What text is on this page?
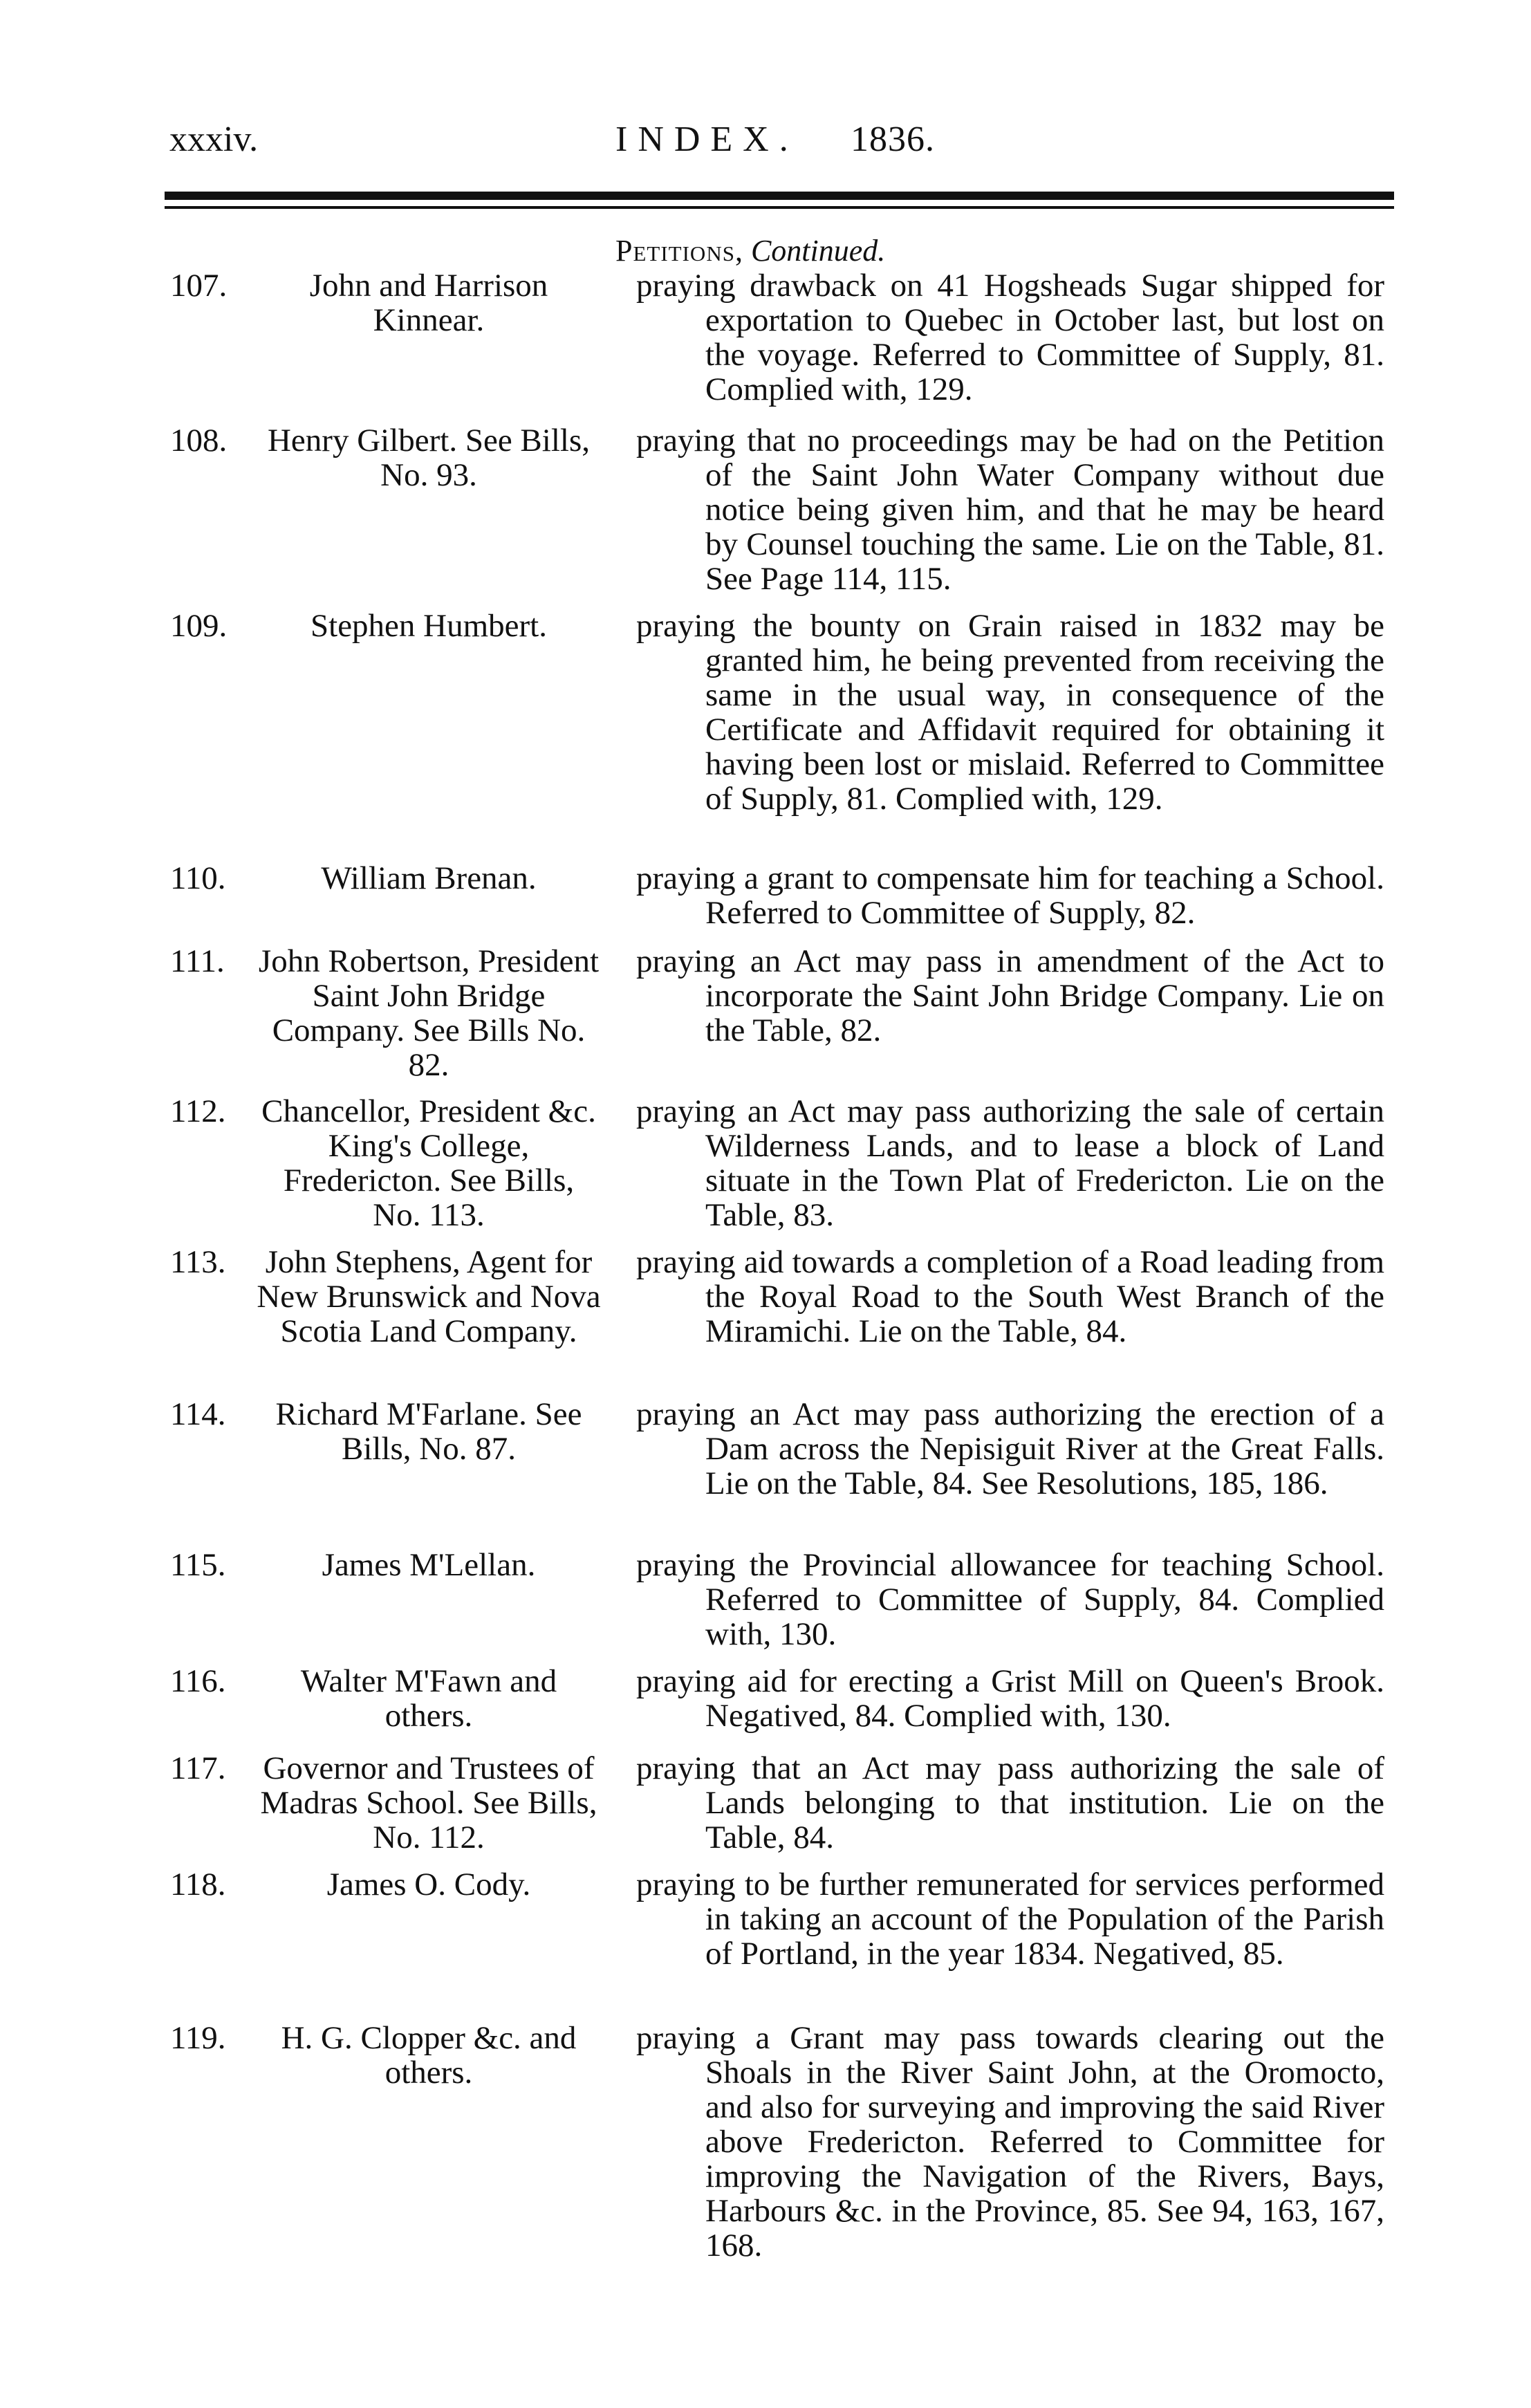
xxxiv.	INDEX. 1836.
Petitions, Continued.
107.	John and Harrison Kinnear.
praying drawback on 41 Hogsheads Sugar shipped for exportation to Quebec in October last, but lost on the voyage. Referred to Committee of Supply, 81. Complied with, 129.
108.	Henry Gilbert. See Bills, No. 93.
praying that no proceedings may be had on the Petition of the Saint John Water Company without due notice being given him, and that he may be heard by Counsel touching the same. Lie on the Table, 81. See Page 114, 115.
109.	Stephen Humbert.	praying the bounty on Grain raised in 1832 may be granted him, he being prevented from receiving the same in the usual way, in consequence of the Certificate and Affidavit required for obtaining it having been lost or mislaid. Referred to Committee of Supply, 81. Complied with, 129.
110.	William Brenan.	praying a grant to compensate him for teaching a School. Referred to Committee of Supply, 82.
111.	John Robertson, President Saint John Bridge Company. See Bills No. 82.
praying an Act may pass in amendment of the Act to incorporate the Saint John Bridge Company. Lie on the Table, 82.
112.	Chancellor, President &c. King's College, Fredericton. See Bills, No. 113.
praying an Act may pass authorizing the sale of certain Wilderness Lands, and to lease a block of Land situate in the Town Plat of Fredericton. Lie on the Table, 83.
113.	John Stephens, Agent for New Brunswick and Nova Scotia Land Company.
praying aid towards a completion of a Road leading from the Royal Road to the South West Branch of the Miramichi. Lie on the Table, 84.
114.	Richard M'Farlane. See Bills, No. 87.
praying an Act may pass authorizing the erection of a Dam across the Nepisiguit River at the Great Falls. Lie on the Table, 84. See Resolutions, 185, 186.
115.	James M'Lellan.	praying the Provincial allowancee for teaching School. Referred to Committee of Supply, 84. Complied with, 130.
116.	Walter M'Fawn and others.
praying aid for erecting a Grist Mill on Queen's Brook. Negatived, 84. Complied with, 130.
117.	Governor and Trustees of Madras School. See Bills, No. 112.
praying that an Act may pass authorizing the sale of Lands belonging to that institution. Lie on the Table, 84.
118.	James O. Cody.	praying to be further remunerated for services performed in taking an account of the Population of the Parish of Portland, in the year 1834. Negatived, 85.
119.	H. G. Clopper &c. and others.
praying a Grant may pass towards clearing out the Shoals in the River Saint John, at the Oromocto, and also for surveying and improving the said River above Fredericton. Referred to Committee for improving the Navigation of the Rivers, Bays, Harbours &c. in the Province, 85. See 94, 163, 167, 168.
